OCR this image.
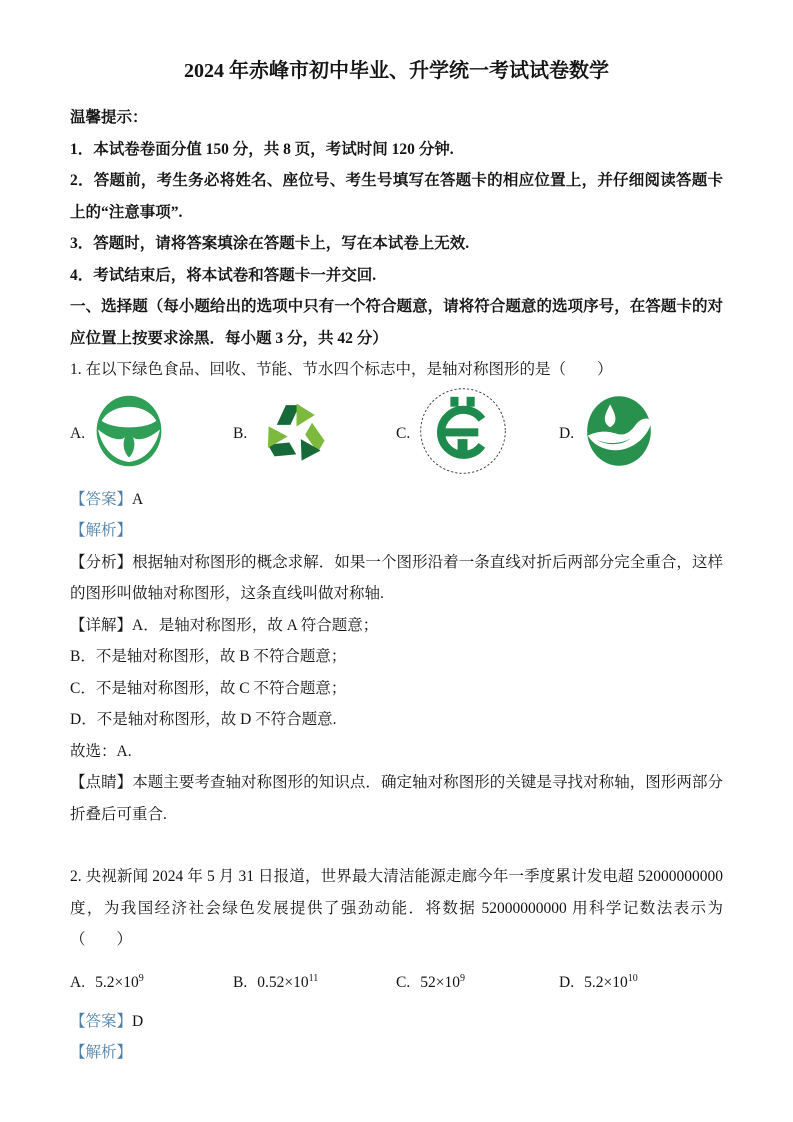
2024 年赤峰市初中毕业、升学统一考试试卷数学

温馨提示：

1．本试卷卷面分值 150 分，共 8 页，考试时间 120 分钟.

2．答题前，考生务必将姓名、座位号、考生号填写在答题卡的相应位置上，并仔细阅读答题卡上的“注意事项”.

3．答题时，请将答案填涂在答题卡上，写在本试卷上无效.

4．考试结束后，将本试卷和答题卡一并交回.

一、选择题（每小题给出的选项中只有一个符合题意，请将符合题意的选项序号，在答题卡的对应位置上按要求涂黑．每小题 3 分，共 42 分）

1. 在以下绿色食品、回收、节能、节水四个标志中，是轴对称图形的是（　　）

A.	B.	C.	D.

【答案】A

【解析】

【分析】根据轴对称图形的概念求解．如果一个图形沿着一条直线对折后两部分完全重合，这样的图形叫做轴对称图形，这条直线叫做对称轴.

【详解】A．是轴对称图形，故 A 符合题意；

B．不是轴对称图形，故 B 不符合题意；

C．不是轴对称图形，故 C 不符合题意；

D．不是轴对称图形，故 D 不符合题意.

故选：A.

【点睛】本题主要考查轴对称图形的知识点．确定轴对称图形的关键是寻找对称轴，图形两部分折叠后可重合.

2. 央视新闻 2024 年 5 月 31 日报道，世界最大清洁能源走廊今年一季度累计发电超 52000000000 度，为我国经济社会绿色发展提供了强劲动能．将数据 52000000000 用科学记数法表示为（　　）

A. $5.2\times 10^9$	B. $0.52\times 10^{11}$	C. $52\times 10^9$	D. $5.2\times 10^{10}$

【答案】D

【解析】
